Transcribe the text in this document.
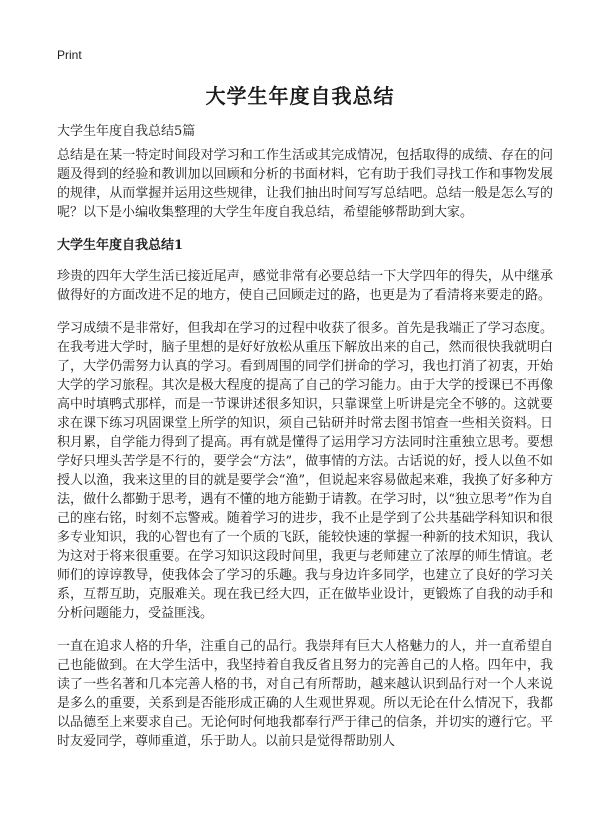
Print
大学生年度自我总结
大学生年度自我总结5篇

总结是在某一特定时间段对学习和工作生活或其完成情况，包括取得的成绩、存在的问题及得到的经验和教训加以回顾和分析的书面材料，它有助于我们寻找工作和事物发展的规律，从而掌握并运用这些规律，让我们抽出时间写写总结吧。总结一般是怎么写的呢？以下是小编收集整理的大学生年度自我总结，希望能够帮助到大家。

大学生年度自我总结1

珍贵的四年大学生活已接近尾声，感觉非常有必要总结一下大学四年的得失，从中继承做得好的方面改进不足的地方，使自己回顾走过的路，也更是为了看清将来要走的路。

学习成绩不是非常好，但我却在学习的过程中收获了很多。首先是我端正了学习态度。在我考进大学时，脑子里想的是好好放松从重压下解放出来的自己，然而很快我就明白了，大学仍需努力认真的学习。看到周围的同学们拼命的学习，我也打消了初衷，开始大学的学习旅程。其次是极大程度的提高了自己的学习能力。由于大学的授课已不再像高中时填鸭式那样，而是一节课讲述很多知识，只靠课堂上听讲是完全不够的。这就要求在课下练习巩固课堂上所学的知识，须自己钻研并时常去图书馆查一些相关资料。日积月累，自学能力得到了提高。再有就是懂得了运用学习方法同时注重独立思考。要想学好只埋头苦学是不行的，要学会“方法”，做事情的方法。古话说的好，授人以鱼不如授人以渔，我来这里的目的就是要学会“渔”，但说起来容易做起来难，我换了好多种方法，做什么都勤于思考，遇有不懂的地方能勤于请教。在学习时，以“独立思考”作为自己的座右铭，时刻不忘警戒。随着学习的进步，我不止是学到了公共基础学科知识和很多专业知识，我的心智也有了一个质的飞跃，能较快速的掌握一种新的技术知识，我认为这对于将来很重要。在学习知识这段时间里，我更与老师建立了浓厚的师生情谊。老师们的谆谆教导，使我体会了学习的乐趣。我与身边许多同学，也建立了良好的学习关系，互帮互助，克服难关。现在我已经大四，正在做毕业设计，更锻炼了自我的动手和分析问题能力，受益匪浅。

一直在追求人格的升华，注重自己的品行。我崇拜有巨大人格魅力的人，并一直希望自己也能做到。在大学生活中，我坚持着自我反省且努力的完善自己的人格。四年中，我读了一些名著和几本完善人格的书，对自己有所帮助，越来越认识到品行对一个人来说是多么的重要，关系到是否能形成正确的人生观世界观。所以无论在什么情况下，我都以品德至上来要求自己。无论何时何地我都奉行严于律己的信条，并切实的遵行它。平时友爱同学，尊师重道，乐于助人。以前只是觉得帮助别人
